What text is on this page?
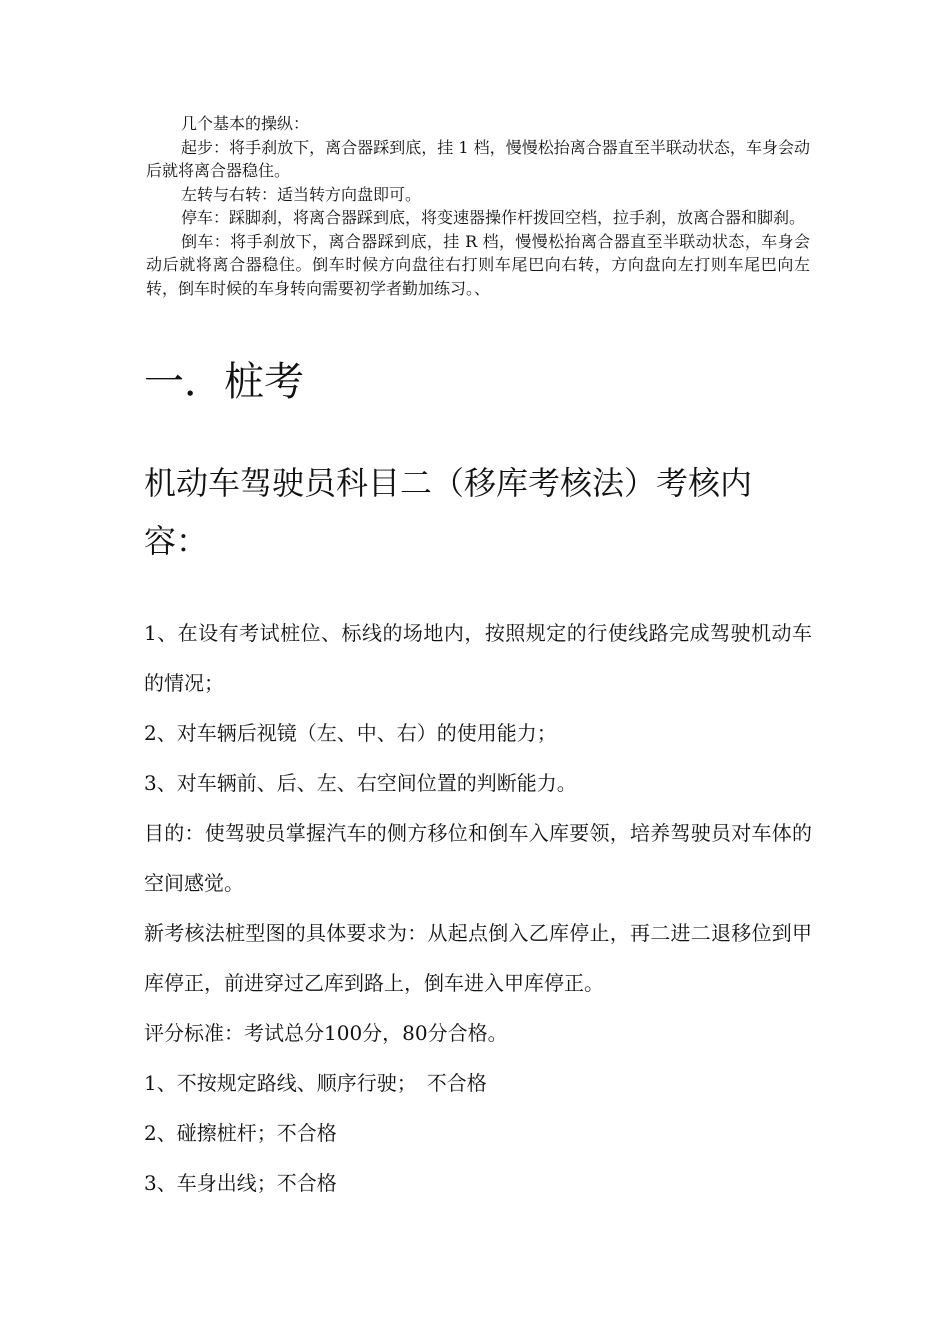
几个基本的操纵：

起步：将手刹放下，离合器踩到底，挂 1 档，慢慢松抬离合器直至半联动状态，车身会动后就将离合器稳住。

左转与右转：适当转方向盘即可。

停车：踩脚刹，将离合器踩到底，将变速器操作杆拨回空档，拉手刹，放离合器和脚刹。

倒车：将手刹放下，离合器踩到底，挂 R 档，慢慢松抬离合器直至半联动状态，车身会动后就将离合器稳住。倒车时候方向盘往右打则车尾巴向右转，方向盘向左打则车尾巴向左转，倒车时候的车身转向需要初学者勤加练习。、

一．桩考
机动车驾驶员科目二（移库考核法）考核内容：

1、在设有考试桩位、标线的场地内，按照规定的行使线路完成驾驶机动车的情况；

2、对车辆后视镜（左、中、右）的使用能力；

3、对车辆前、后、左、右空间位置的判断能力。

目的：使驾驶员掌握汽车的侧方移位和倒车入库要领，培养驾驶员对车体的空间感觉。

新考核法桩型图的具体要求为：从起点倒入乙库停止，再二进二退移位到甲库停正，前进穿过乙库到路上，倒车进入甲库停正。

评分标准：考试总分100分，80分合格。

1、不按规定路线、顺序行驶；　不合格

2、碰擦桩杆；不合格

3、车身出线；不合格
